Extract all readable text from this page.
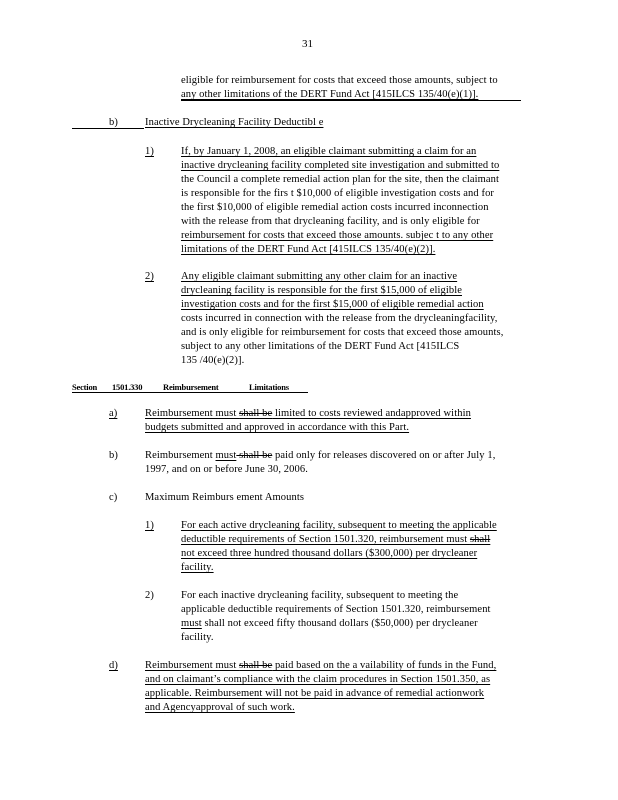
31
eligible for reimbursement for costs that exceed those amounts, subject to
any other limitations of the DERT Fund Act [415ILCS 135/40(e)(1)].
b)	Inactive Drycleaning Facility Deductibl e
1)	If, by January 1, 2008, an eligible claimant submitting a claim for an
inactive drycleaning facility completed site investigation and submitted to
the Council a complete remedial action plan for the site, then the claimant
is responsible for the firs t $10,000 of eligible investigation costs and for
the first $10,000 of eligible remedial action costs incurred inconnection
with the release from that drycleaning facility, and is only eligible for
reimbursement for costs that exceed those amounts. subjec t to any other
limitations of the DERT Fund Act [415ILCS 135/40(e)(2)].
2)	Any eligible claimant submitting any other claim for an inactive
drycleaning facility is responsible for the first $15,000 of eligible
investigation costs and for the first $15,000 of eligible remedial action
costs incurred in connection with the release from the drycleaningfacility,
and is only eligible for reimbursement for costs that exceed those amounts,
subject to any other limitations of the DERT Fund Act [415ILCS
135 /40(e)(2)].
Section 1501.330 Reimbursement	Limitations
a)	Reimbursement must shall be limited to costs reviewed andapproved within
budgets submitted and approved in accordance with this Part.
b)	Reimbursement must shall be paid only for releases discovered on or after July 1,
1997, and on or before June 30, 2006.
c)	Maximum Reimburs ement Amounts
1)	For each active drycleaning facility, subsequent to meeting the applicable
deductible requirements of Section 1501.320, reimbursement must shall
not exceed three hundred thousand dollars ($300,000) per drycleaner
facility.
2)	For each inactive drycleaning facility, subsequent to meeting the
applicable deductible requirements of Section 1501.320, reimbursement
must shall not exceed fifty thousand dollars ($50,000) per drycleaner
facility.
d)	Reimbursement must shall be paid based on the a vailability of funds in the Fund,
and on claimant’s compliance with the claim procedures in Section 1501.350, as
applicable. Reimbursement will not be paid in advance of remedial actionwork
and Agencyapproval of such work.
